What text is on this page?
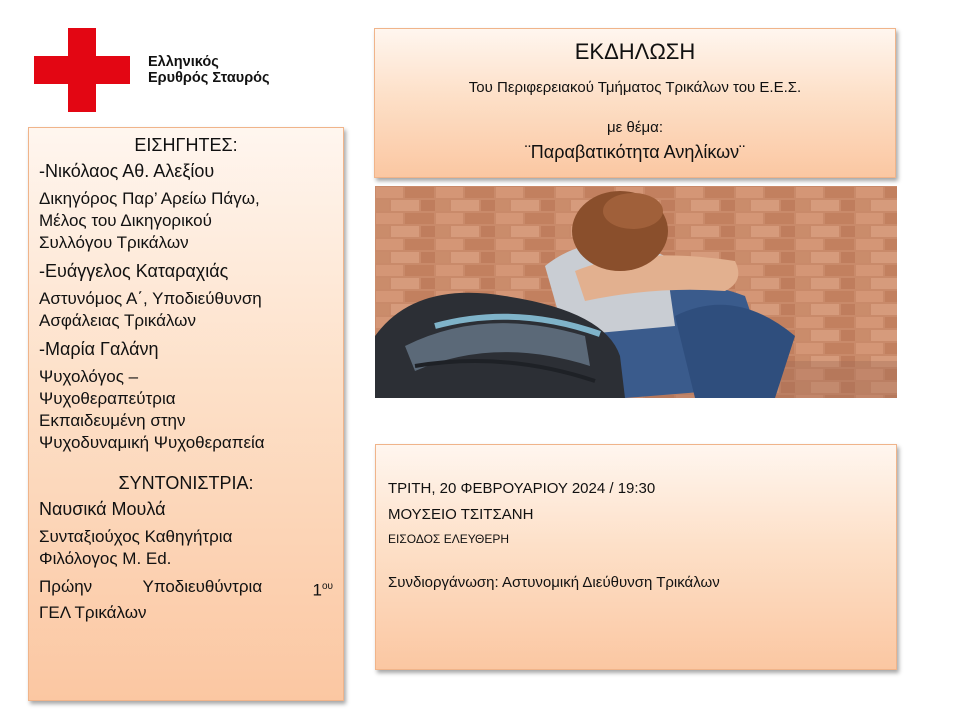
Ελληνικός
Ερυθρός Σταυρός
ΕΙΣΗΓΗΤΕΣ:
-Νικόλαος Αθ. Αλεξίου
Δικηγόρος Παρ’ Αρείω Πάγω,
Μέλος του Δικηγορικού
Συλλόγου Τρικάλων
-Ευάγγελος Καταραχιάς
Αστυνόμος Α΄, Υποδιεύθυνση
Ασφάλειας Τρικάλων
-Μαρία Γαλάνη
Ψυχολόγος –
Ψυχοθεραπεύτρια
Εκπαιδευμένη στην
Ψυχοδυναμική Ψυχοθεραπεία
ΣΥΝΤΟΝΙΣΤΡΙΑ:
Ναυσικά Μουλά
Συνταξιούχος Καθηγήτρια
Φιλόλογος M. Ed.
Πρώην	Υποδιευθύντρια	$1^{o\upsilon}$
ΓΕΛ Τρικάλων
ΕΚΔΗΛΩΣΗ
Του Περιφερειακού Τμήματος Τρικάλων του Ε.Ε.Σ.
με θέμα:
¨Παραβατικότητα Ανηλίκων¨
ΤΡΙΤΗ, 20 ΦΕΒΡΟΥΑΡΙΟΥ 2024 / 19:30
ΜΟΥΣΕΙΟ ΤΣΙΤΣΑΝΗ
ΕΙΣΟΔΟΣ ΕΛΕΥΘΕΡΗ
Συνδιοργάνωση: Αστυνομική Διεύθυνση Τρικάλων
